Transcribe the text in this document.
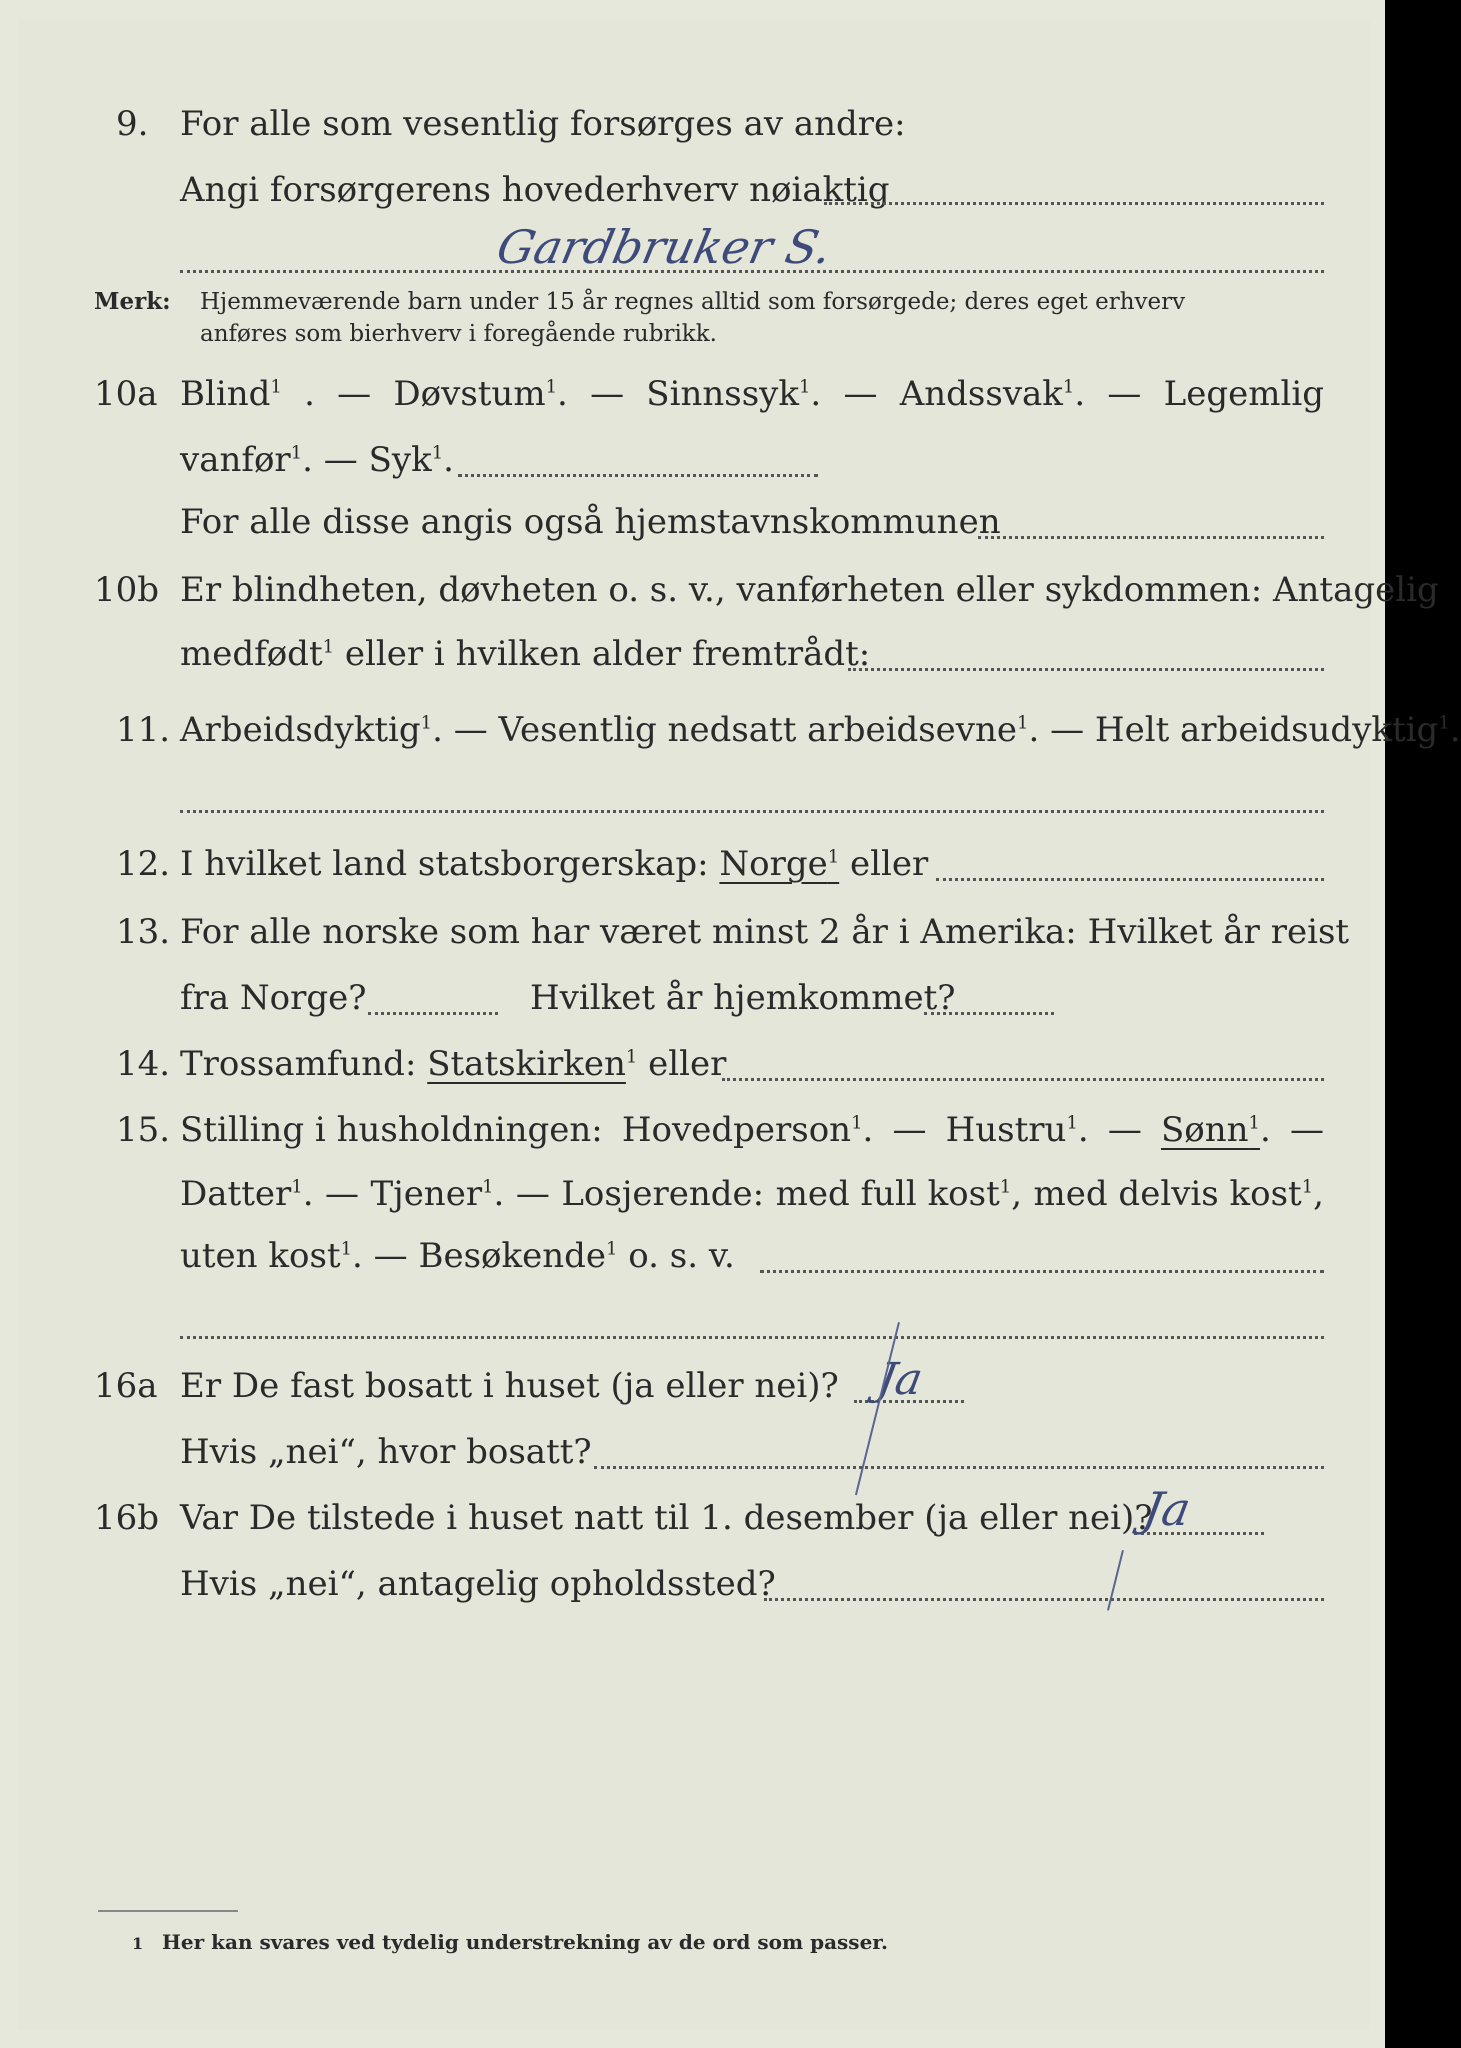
9. For alle som vesentlig forsørges av andre:
Angi forsørgerens hovederhverv nøiaktig
Gardbruker S.
Merk: Hjemmeværende barn under 15 år regnes alltid som forsørgede; deres eget erhverv
anføres som bierhverv i foregående rubrikk.
10a Blind$^1$ . — Døvstum$^1$. — Sinnssyk$^1$. — Andssvak$^1$. — Legemlig
vanfør$^1$. — Syk$^1$.
For alle disse angis også hjemstavnskommunen
10b Er blindheten, døvheten o. s. v., vanførheten eller sykdommen: Antagelig
medfødt$^1$ eller i hvilken alder fremtrådt:
11. Arbeidsdyktig$^1$. — Vesentlig nedsatt arbeidsevne$^1$. — Helt arbeidsudyktig$^1$.
12. I hvilket land statsborgerskap: Norge$^1$ eller
13. For alle norske som har været minst 2 år i Amerika: Hvilket år reist
fra Norge?	Hvilket år hjemkommet?
14. Trossamfund: Statskirken$^1$ eller
15. Stilling i husholdningen: Hovedperson$^1$. — Hustru$^1$. — Sønn$^1$. —
Datter$^1$. — Tjener$^1$. — Losjerende: med full kost$^1$, med delvis kost$^1$,
uten kost$^1$. — Besøkende$^1$ o. s. v.
16a Er De fast bosatt i huset (ja eller nei)? Ja
Hvis „nei“, hvor bosatt?
16b Var De tilstede i huset natt til 1. desember (ja eller nei)?
Ja
Hvis „nei“, antagelig opholdssted?
1 Her kan svares ved tydelig understrekning av de ord som passer.
